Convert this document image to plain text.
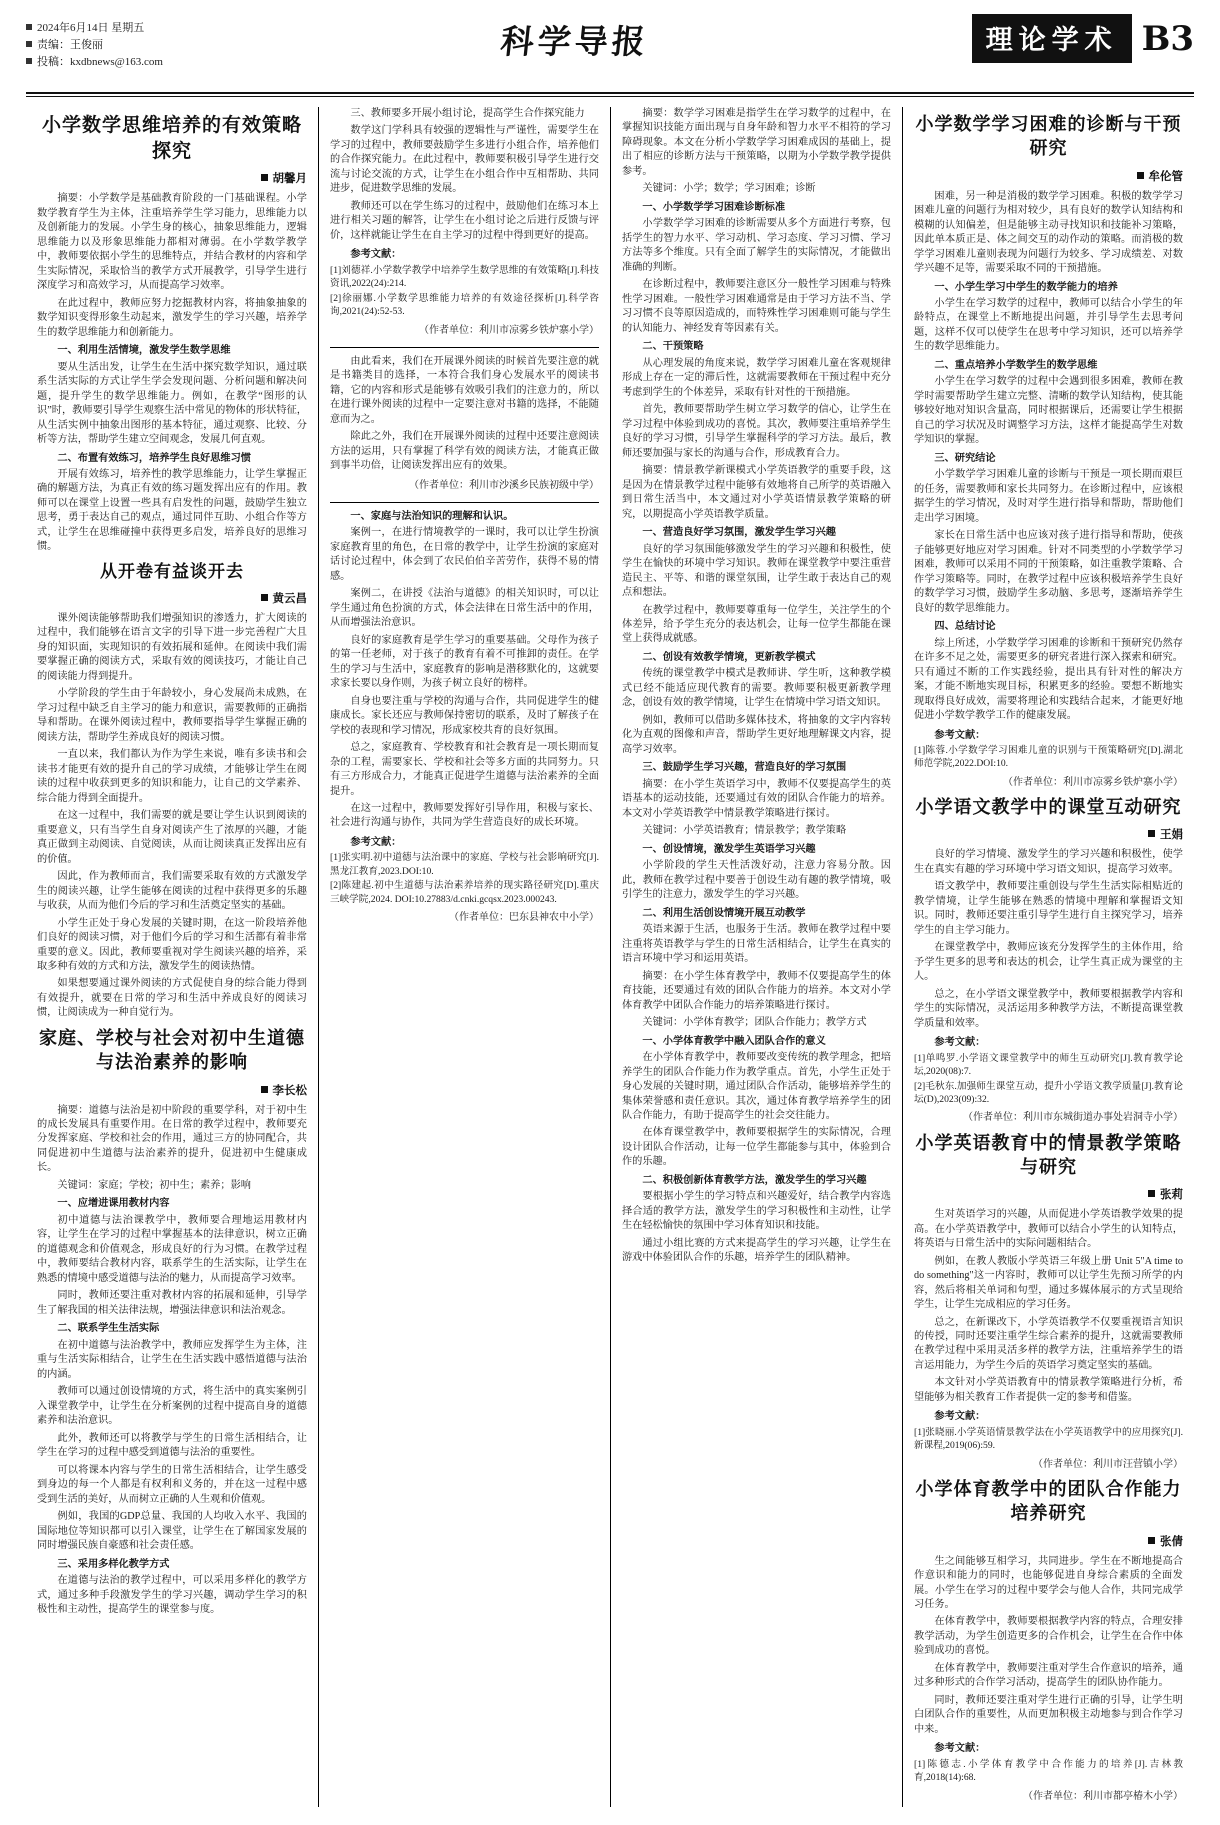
2024年6月14日 星期五
责编：王俊丽
投稿：kxdbnews@163.com
科学导报	理论学术 B3
小学数学思维培养的有效策略探究
胡馨月

摘要：小学数学是基础教育阶段的一门基础课程。小学数学教育学生为主体，注重培养学生学习能力，思维能力以及创新能力的发展。小学生身的核心，抽象思维能力，逻辑思维能力以及形象思维能力都相对薄弱。在小学数学教学中，教师要依据小学生的思维特点，并结合教材的内容和学生实际情况，采取恰当的教学方式开展教学，引导学生进行深度学习和高效学习，从而提高学习效率。

在此过程中，教师应努力挖掘教材内容，将抽象抽象的数学知识变得形象生动起来，激发学生的学习兴趣，培养学生的数学思维能力和创新能力。

一、利用生活情境，激发学生数学思维

要从生活出发，让学生在生活中探究数学知识，通过联系生活实际的方式让学生学会发现问题、分析问题和解决问题，提升学生的数学思维能力。例如，在教学“图形的认识”时，教师要引导学生观察生活中常见的物体的形状特征，从生活实例中抽象出图形的基本特征，通过观察、比较、分析等方法，帮助学生建立空间观念，发展几何直观。

二、布置有效练习，培养学生良好思维习惯

开展有效练习，培养性的教学思维能力，让学生掌握正确的解题方法，为真正有效的练习题发挥出应有的作用。教师可以在课堂上设置一些具有启发性的问题，鼓励学生独立思考，勇于表达自己的观点，通过同伴互助、小组合作等方式，让学生在思维碰撞中获得更多启发，培养良好的思维习惯。

从开卷有益谈开去
黄云昌

课外阅读能够帮助我们增强知识的渗透力，扩大阅读的过程中，我们能够在语言文字的引导下进一步完善程广大且身的知识面，实现知识的有效拓展和延伸。在阅读中我们需要掌握正确的阅读方式，采取有效的阅读技巧，才能让自己的阅读能力得到提升。

小学阶段的学生由于年龄较小，身心发展尚未成熟，在学习过程中缺乏自主学习的能力和意识，需要教师的正确指导和帮助。在课外阅读过程中，教师要指导学生掌握正确的阅读方法，帮助学生养成良好的阅读习惯。

一直以来，我们都认为作为学生来说，唯有多读书和会读书才能更有效的提升自己的学习成绩，才能够让学生在阅读的过程中收获到更多的知识和能力，让自己的文学素养、综合能力得到全面提升。

在这一过程中，我们需要的就是要让学生认识到阅读的重要意义，只有当学生自身对阅读产生了浓厚的兴趣，才能真正做到主动阅读、自觉阅读，从而让阅读真正发挥出应有的价值。

因此，作为教师而言，我们需要采取有效的方式激发学生的阅读兴趣，让学生能够在阅读的过程中获得更多的乐趣与收获，从而为他们今后的学习和生活奠定坚实的基础。

小学生正处于身心发展的关键时期，在这一阶段培养他们良好的阅读习惯，对于他们今后的学习和生活都有着非常重要的意义。因此，教师要重视对学生阅读兴趣的培养，采取多种有效的方式和方法，激发学生的阅读热情。

如果想要通过课外阅读的方式促使自身的综合能力得到有效提升，就要在日常的学习和生活中养成良好的阅读习惯，让阅读成为一种自觉行为。

家庭、学校与社会对初中生道德与法治素养的影响
李长松

摘要：道德与法治是初中阶段的重要学科，对于初中生的成长发展具有重要作用。在日常的教学过程中，教师要充分发挥家庭、学校和社会的作用，通过三方的协同配合，共同促进初中生道德与法治素养的提升，促进初中生健康成长。

关键词：家庭；学校；初中生；素养；影响

一、应增进课用教材内容

初中道德与法治课教学中，教师要合理地运用教材内容，让学生在学习的过程中掌握基本的法律意识，树立正确的道德观念和价值观念，形成良好的行为习惯。在教学过程中，教师要结合教材内容，联系学生的生活实际，让学生在熟悉的情境中感受道德与法治的魅力，从而提高学习效率。

同时，教师还要注重对教材内容的拓展和延伸，引导学生了解我国的相关法律法规，增强法律意识和法治观念。

二、联系学生生活实际

在初中道德与法治教学中，教师应发挥学生为主体，注重与生活实际相结合，让学生在生活实践中感悟道德与法治的内涵。

教师可以通过创设情境的方式，将生活中的真实案例引入课堂教学中，让学生在分析案例的过程中提高自身的道德素养和法治意识。

此外，教师还可以将教学与学生的日常生活相结合，让学生在学习的过程中感受到道德与法治的重要性。

可以将课本内容与学生的日常生活相结合，让学生感受到身边的每一个人都是有权利和义务的，并在这一过程中感受到生活的美好，从而树立正确的人生观和价值观。

例如，我国的GDP总量、我国的人均收入水平、我国的国际地位等知识都可以引入课堂，让学生在了解国家发展的同时增强民族自豪感和社会责任感。

三、采用多样化教学方式

在道德与法治的教学过程中，可以采用多样化的教学方式，通过多种手段激发学生的学习兴趣，调动学生学习的积极性和主动性，提高学生的课堂参与度。

三、教师要多开展小组讨论，提高学生合作探究能力

数学这门学科具有较强的逻辑性与严谨性，需要学生在学习的过程中，教师要鼓励学生多进行小组合作，培养他们的合作探究能力。在此过程中，教师要积极引导学生进行交流与讨论交流的方式，让学生在小组合作中互相帮助、共同进步，促进数学思维的发展。

教师还可以在学生练习的过程中，鼓励他们在练习本上进行相关习题的解答，让学生在小组讨论之后进行反馈与评价，这样就能让学生在自主学习的过程中得到更好的提高。

参考文献：

[1]刘德祥.小学数学教学中培养学生数学思维的有效策略[J].科技资讯,2022(24):214.

[2]徐丽娜.小学数学思维能力培养的有效途径探析[J].科学咨询,2021(24):52-53.

（作者单位：利川市凉雾乡铁炉寨小学）

由此看来，我们在开展课外阅读的时候首先要注意的就是书籍类目的选择，一本符合我们身心发展水平的阅读书籍，它的内容和形式是能够有效吸引我们的注意力的，所以在进行课外阅读的过程中一定要注意对书籍的选择，不能随意而为之。

除此之外，我们在开展课外阅读的过程中还要注意阅读方法的运用，只有掌握了科学有效的阅读方法，才能真正做到事半功倍，让阅读发挥出应有的效果。

（作者单位：利川市沙溪乡民族初级中学）

一、家庭与法治知识的理解和认识。

案例一，在进行情境教学的一课时，我可以让学生扮演家庭教育里的角色，在日常的教学中，让学生扮演的家庭对话讨论过程中，体会到了农民伯伯辛苦劳作，获得不易的情感。

案例二，在讲授《法治与道德》的相关知识时，可以让学生通过角色扮演的方式，体会法律在日常生活中的作用，从而增强法治意识。

良好的家庭教育是学生学习的重要基础。父母作为孩子的第一任老师，对于孩子的教育有着不可推卸的责任。在学生的学习与生活中，家庭教育的影响是潜移默化的，这就要求家长要以身作则，为孩子树立良好的榜样。

自身也要注重与学校的沟通与合作，共同促进学生的健康成长。家长还应与教师保持密切的联系，及时了解孩子在学校的表现和学习情况，形成家校共育的良好氛围。

总之，家庭教育、学校教育和社会教育是一项长期而复杂的工程，需要家长、学校和社会等多方面的共同努力。只有三方形成合力，才能真正促进学生道德与法治素养的全面提升。

在这一过程中，教师要发挥好引导作用，积极与家长、社会进行沟通与协作，共同为学生营造良好的成长环境。

参考文献：

[1]张实明.初中道德与法治课中的家庭、学校与社会影响研究[J].黑龙江教育,2023.DOI:10.

[2]陈建起.初中生道德与法治素养培养的现实路径研究[D].重庆三峡学院,2024. DOI:10.27883/d.cnki.gcqsx.2023.000243.

（作者单位：巴东县神农中小学）

摘要：数学学习困难是指学生在学习数学的过程中，在掌握知识技能方面出现与自身年龄和智力水平不相符的学习障碍现象。本文在分析小学数学学习困难成因的基础上，提出了相应的诊断方法与干预策略，以期为小学数学教学提供参考。

关键词：小学；数学；学习困难；诊断

一、小学数学学习困难诊断标准

小学数学学习困难的诊断需要从多个方面进行考察，包括学生的智力水平、学习动机、学习态度、学习习惯、学习方法等多个维度。只有全面了解学生的实际情况，才能做出准确的判断。

在诊断过程中，教师要注意区分一般性学习困难与特殊性学习困难。一般性学习困难通常是由于学习方法不当、学习习惯不良等原因造成的，而特殊性学习困难则可能与学生的认知能力、神经发育等因素有关。

二、干预策略

从心理发展的角度来说，数学学习困难儿童在客观规律形成上存在一定的滞后性，这就需要教师在干预过程中充分考虑到学生的个体差异，采取有针对性的干预措施。

首先，教师要帮助学生树立学习数学的信心，让学生在学习过程中体验到成功的喜悦。其次，教师要注重培养学生良好的学习习惯，引导学生掌握科学的学习方法。最后，教师还要加强与家长的沟通与合作，形成教育合力。

摘要：情景教学新课模式小学英语教学的重要手段，这是因为在情景教学过程中能够有效地将自己所学的英语融入到日常生活当中，本文通过对小学英语情景教学策略的研究，以期提高小学英语教学质量。

一、营造良好学习氛围，激发学生学习兴趣

良好的学习氛围能够激发学生的学习兴趣和积极性，使学生在愉快的环境中学习知识。教师在课堂教学中要注重营造民主、平等、和谐的课堂氛围，让学生敢于表达自己的观点和想法。

在教学过程中，教师要尊重每一位学生，关注学生的个体差异，给予学生充分的表达机会，让每一位学生都能在课堂上获得成就感。

二、创设有效教学情境，更新教学模式

传统的课堂教学中模式是教师讲、学生听，这种教学模式已经不能适应现代教育的需要。教师要积极更新教学理念，创设有效的教学情境，让学生在情境中学习语文知识。

例如，教师可以借助多媒体技术，将抽象的文字内容转化为直观的图像和声音，帮助学生更好地理解课文内容，提高学习效率。

三、鼓励学生学习兴趣，营造良好的学习氛围

摘要：在小学生英语学习中，教师不仅要提高学生的英语基本的运动技能，还要通过有效的团队合作能力的培养。本文对小学英语教学中情景教学策略进行探讨。

关键词：小学英语教育；情景教学；教学策略

一、创设情境，激发学生英语学习兴趣

小学阶段的学生天性活泼好动，注意力容易分散。因此，教师在教学过程中要善于创设生动有趣的教学情境，吸引学生的注意力，激发学生的学习兴趣。

二、利用生活创设情境开展互动教学

英语来源于生活，也服务于生活。教师在教学过程中要注重将英语教学与学生的日常生活相结合，让学生在真实的语言环境中学习和运用英语。

摘要：在小学生体育教学中，教师不仅要提高学生的体育技能，还要通过有效的团队合作能力的培养。本文对小学体育教学中团队合作能力的培养策略进行探讨。

关键词：小学体育教学；团队合作能力；教学方式

一、小学体育教学中融入团队合作的意义

在小学体育教学中，教师要改变传统的教学理念，把培养学生的团队合作能力作为教学重点。首先，小学生正处于身心发展的关键时期，通过团队合作活动，能够培养学生的集体荣誉感和责任意识。其次，通过体育教学培养学生的团队合作能力，有助于提高学生的社会交往能力。

在体育课堂教学中，教师要根据学生的实际情况，合理设计团队合作活动，让每一位学生都能参与其中，体验到合作的乐趣。

二、积极创新体育教学方法，激发学生的学习兴趣

要根据小学生的学习特点和兴趣爱好，结合教学内容选择合适的教学方法，激发学生的学习积极性和主动性，让学生在轻松愉快的氛围中学习体育知识和技能。

通过小组比赛的方式来提高学生的学习兴趣，让学生在游戏中体验团队合作的乐趣，培养学生的团队精神。

小学数学学习困难的诊断与干预研究
牟伦管

困难，另一种是消极的数学学习困难。积极的数学学习困难儿童的问题行为相对较少，具有良好的数学认知结构和模糊的认知偏差，但是能够主动寻找知识和技能补习策略，因此单本质正是、体之间交互的动作动的策略。而消极的数学学习困难儿童则表现为问题行为较多、学习成绩差、对数学兴趣不足等，需要采取不同的干预措施。

一、小学生学习中学生的数学能力的培养

小学生在学习数学的过程中，教师可以结合小学生的年龄特点，在课堂上不断地提出问题，并引导学生去思考问题，这样不仅可以使学生在思考中学习知识，还可以培养学生的数学思维能力。

二、重点培养小学数学生的数学思维

小学生在学习数学的过程中会遇到很多困难，教师在教学时需要帮助学生建立完整、清晰的数学认知结构，使其能够较好地对知识含量高，同时根据课后，还需要让学生根据自己的学习状况及时调整学习方法，这样才能提高学生对数学知识的掌握。

三、研究结论

小学数学学习困难儿童的诊断与干预是一项长期而艰巨的任务，需要教师和家长共同努力。在诊断过程中，应该根据学生的学习情况，及时对学生进行指导和帮助，帮助他们走出学习困境。

家长在日常生活中也应该对孩子进行指导和帮助，使孩子能够更好地应对学习困难。针对不同类型的小学数学学习困难，教师可以采用不同的干预策略，如注重教学策略、合作学习策略等。同时，在教学过程中应该积极培养学生良好的数学学习习惯，鼓励学生多动脑、多思考，逐渐培养学生良好的数学思维能力。

四、总结讨论

综上所述，小学数学学习困难的诊断和干预研究仍然存在许多不足之处，需要更多的研究者进行深入探索和研究。只有通过不断的工作实践经验，提出具有针对性的解决方案，才能不断地实现目标，积累更多的经验。要想不断地实现取得良好成效，需要将理论和实践结合起来，才能更好地促进小学数学教学工作的健康发展。

参考文献：

[1]陈蓉.小学数学学习困难儿童的识别与干预策略研究[D].湖北师范学院,2022.DOI:10.

（作者单位：利川市凉雾乡铁炉寨小学）

小学语文教学中的课堂互动研究
王娟

良好的学习情境、激发学生的学习兴趣和积极性，使学生在真实有趣的学习环境中学习语文知识，提高学习效率。

语文教学中，教师要注重创设与学生生活实际相贴近的教学情境，让学生能够在熟悉的情境中理解和掌握语文知识。同时，教师还要注重引导学生进行自主探究学习，培养学生的自主学习能力。

在课堂教学中，教师应该充分发挥学生的主体作用，给予学生更多的思考和表达的机会，让学生真正成为课堂的主人。

总之，在小学语文课堂教学中，教师要根据教学内容和学生的实际情况，灵活运用多种教学方法，不断提高课堂教学质量和效率。

参考文献：

[1]单鸣罗.小学语文课堂教学中的师生互动研究[J].教育教学论坛,2020(08):7.

[2]毛秋东.加强师生课堂互动，提升小学语文教学质量[J].教育论坛(D),2023(09):32.

（作者单位：利川市东城街道办事处岩洞寺小学）

小学英语教育中的情景教学策略与研究
张莉

生对英语学习的兴趣，从而促进小学英语教学效果的提高。在小学英语教学中，教师可以结合小学生的认知特点，将英语与日常生活中的实际问题相结合。

例如，在教人教版小学英语三年级上册 Unit 5"A time to do something"这一内容时，教师可以让学生先预习所学的内容，然后将相关单词和句型，通过多媒体展示的方式呈现给学生，让学生完成相应的学习任务。

总之，在新课改下，小学英语教学不仅要重视语言知识的传授，同时还要注重学生综合素养的提升，这就需要教师在教学过程中采用灵活多样的教学方法，注重培养学生的语言运用能力，为学生今后的英语学习奠定坚实的基础。

本文针对小学英语教育中的情景教学策略进行分析，希望能够为相关教育工作者提供一定的参考和借鉴。

参考文献：

[1]张晓丽.小学英语情景教学法在小学英语教学中的应用探究[J].新课程,2019(06):59.

（作者单位：利川市汪营镇小学）

小学体育教学中的团队合作能力培养研究
张倩

生之间能够互相学习，共同进步。学生在不断地提高合作意识和能力的同时，也能够促进自身综合素质的全面发展。小学生在学习的过程中要学会与他人合作，共同完成学习任务。

在体育教学中，教师要根据教学内容的特点，合理安排教学活动，为学生创造更多的合作机会，让学生在合作中体验到成功的喜悦。

在体育教学中，教师要注重对学生合作意识的培养，通过多种形式的合作学习活动，提高学生的团队协作能力。

同时，教师还要注重对学生进行正确的引导，让学生明白团队合作的重要性，从而更加积极主动地参与到合作学习中来。

参考文献：

[1]陈德志.小学体育教学中合作能力的培养[J].吉林教育,2018(14):68.

（作者单位：利川市都亭椿木小学）
